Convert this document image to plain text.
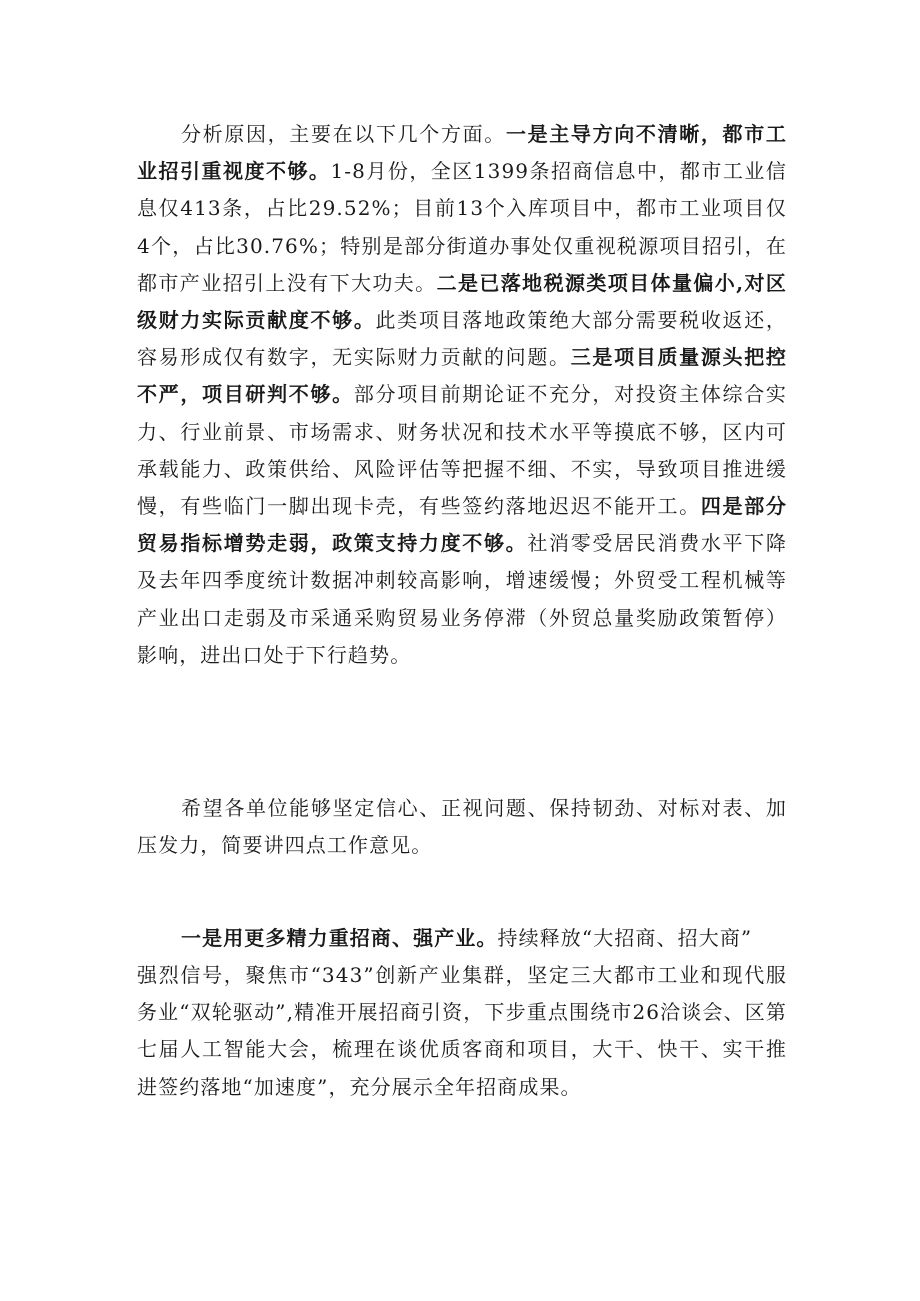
分析原因，主要在以下几个方面。一是主导方向不清晰，都市工业招引重视度不够。1-8月份，全区1399条招商信息中，都市工业信息仅413条，占比29.52%；目前13个入库项目中，都市工业项目仅4个，占比30.76%；特别是部分街道办事处仅重视税源项目招引，在都市产业招引上没有下大功夫。二是已落地税源类项目体量偏小,对区级财力实际贡献度不够。此类项目落地政策绝大部分需要税收返还，容易形成仅有数字，无实际财力贡献的问题。三是项目质量源头把控不严，项目研判不够。部分项目前期论证不充分，对投资主体综合实力、行业前景、市场需求、财务状况和技术水平等摸底不够，区内可承载能力、政策供给、风险评估等把握不细、不实，导致项目推进缓慢，有些临门一脚出现卡壳，有些签约落地迟迟不能开工。四是部分贸易指标增势走弱，政策支持力度不够。社消零受居民消费水平下降及去年四季度统计数据冲刺较高影响，增速缓慢；外贸受工程机械等产业出口走弱及市采通采购贸易业务停滞（外贸总量奖励政策暂停）影响，进出口处于下行趋势。

希望各单位能够坚定信心、正视问题、保持韧劲、对标对表、加压发力，简要讲四点工作意见。

一是用更多精力重招商、强产业。持续释放“大招商、招大商”

强烈信号，聚焦市“343”创新产业集群，坚定三大都市工业和现代服务业“双轮驱动”,精准开展招商引资，下步重点围绕市26洽谈会、区第七届人工智能大会，梳理在谈优质客商和项目，大干、快干、实干推进签约落地“加速度”，充分展示全年招商成果。
